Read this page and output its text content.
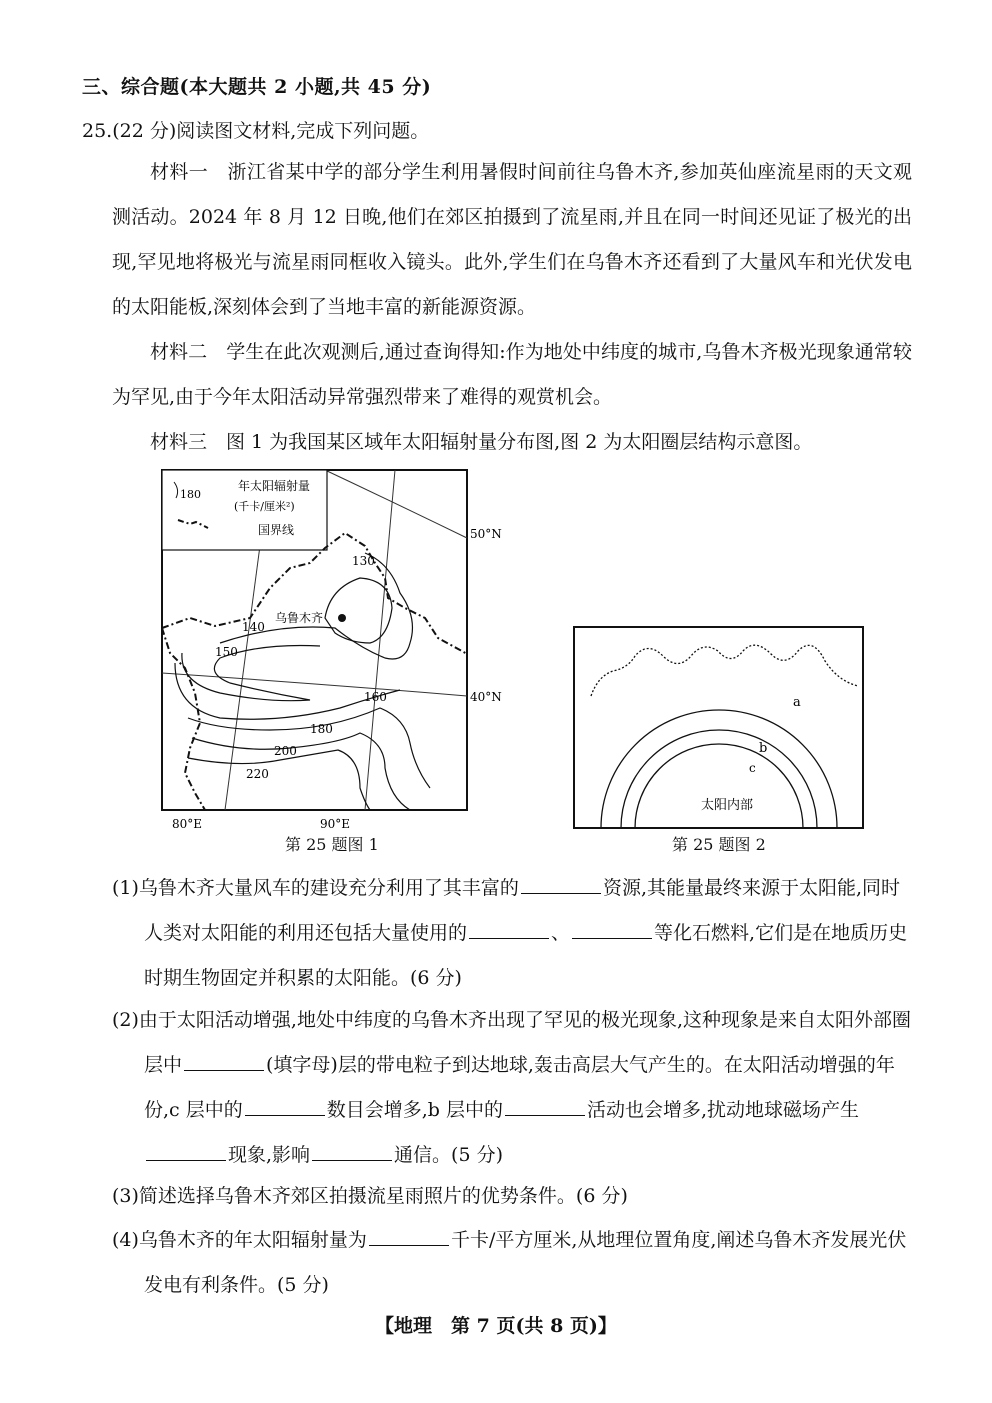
三、综合题(本大题共 2 小题,共 45 分)
25.(22 分)阅读图文材料,完成下列问题。
材料一　浙江省某中学的部分学生利用暑假时间前往乌鲁木齐,参加英仙座流星雨的天文观测活动。2024 年 8 月 12 日晚,他们在郊区拍摄到了流星雨,并且在同一时间还见证了极光的出现,罕见地将极光与流星雨同框收入镜头。此外,学生们在乌鲁木齐还看到了大量风车和光伏发电的太阳能板,深刻体会到了当地丰富的新能源资源。
材料二　学生在此次观测后,通过查询得知:作为地处中纬度的城市,乌鲁木齐极光现象通常较为罕见,由于今年太阳活动异常强烈带来了难得的观赏机会。
材料三　图 1 为我国某区域年太阳辐射量分布图,图 2 为太阳圈层结构示意图。
180
年太阳辐射量
(千卡/厘米²)
国界线
130
140
150
160
180
200
220
乌鲁木齐
50°N
40°N
80°E	90°E
第 25 题图 1
a
b
c
太阳内部
第 25 题图 2
(1)乌鲁木齐大量风车的建设充分利用了其丰富的	资源,其能量最终来源于太阳能,同时人类对太阳能的利用还包括大量使用的	、	等化石燃料,它们是在地质历史时期生物固定并积累的太阳能。(6 分)
(2)由于太阳活动增强,地处中纬度的乌鲁木齐出现了罕见的极光现象,这种现象是来自太阳外部圈层中	(填字母)层的带电粒子到达地球,轰击高层大气产生的。在太阳活动增强的年份,c 层中的	数目会增多,b 层中的	活动也会增多,扰动地球磁场产生现象,影响	通信。(5 分)
(3)简述选择乌鲁木齐郊区拍摄流星雨照片的优势条件。(6 分)
(4)乌鲁木齐的年太阳辐射量为	千卡/平方厘米,从地理位置角度,阐述乌鲁木齐发展光伏发电有利条件。(5 分)
【地理　第 7 页(共 8 页)】
